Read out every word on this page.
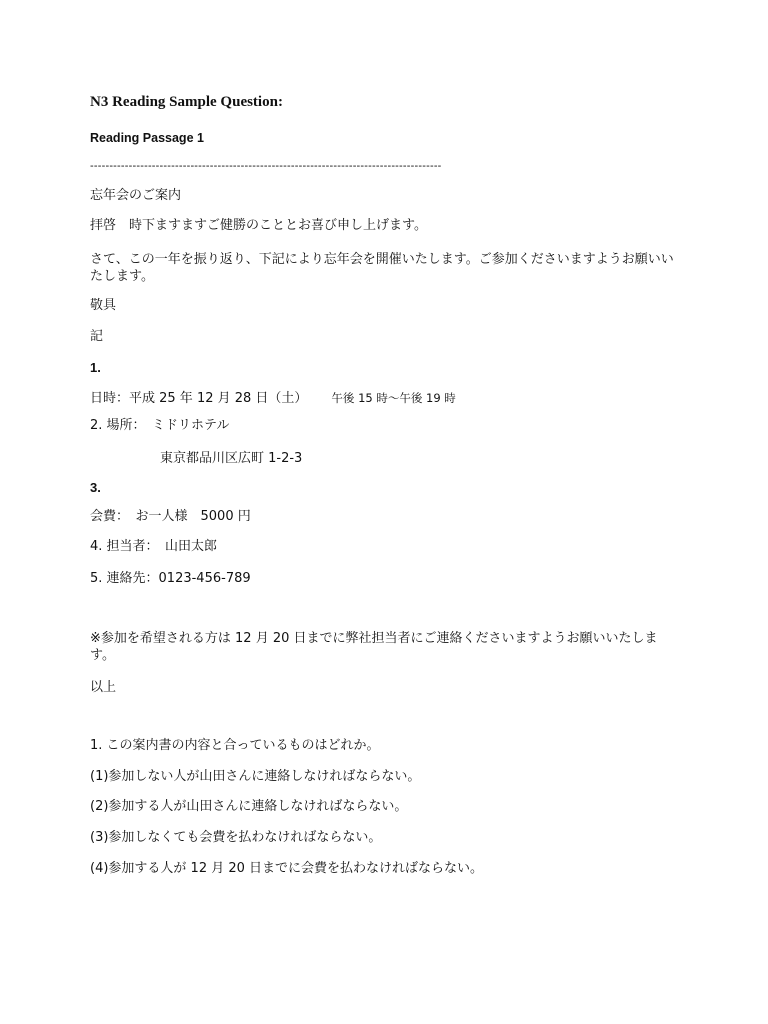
N3 Reading Sample Question:
Reading Passage 1
-------------------------------------------------------------------------------------------
忘年会のご案内
拝啓　時下ますますご健勝のこととお喜び申し上げます。
さて、この一年を振り返り、下記により忘年会を開催いたします。ご参加くださいますようお願いいたします。
敬具
記
1.
日時：平成 25 年 12 月 28 日（土） 午後 15 時～午後 19 時
2. 場所：　ミドリホテル
東京都品川区広町 1-2-3
3.
会費：　お一人様　5000 円
4. 担当者：　山田太郎
5. 連絡先：0123-456-789
※参加を希望される方は 12 月 20 日までに弊社担当者にご連絡くださいますようお願いいたします。
以上
1. この案内書の内容と合っているものはどれか。
(1)参加しない人が山田さんに連絡しなければならない。
(2)参加する人が山田さんに連絡しなければならない。
(3)参加しなくても会費を払わなければならない。
(4)参加する人が 12 月 20 日までに会費を払わなければならない。
